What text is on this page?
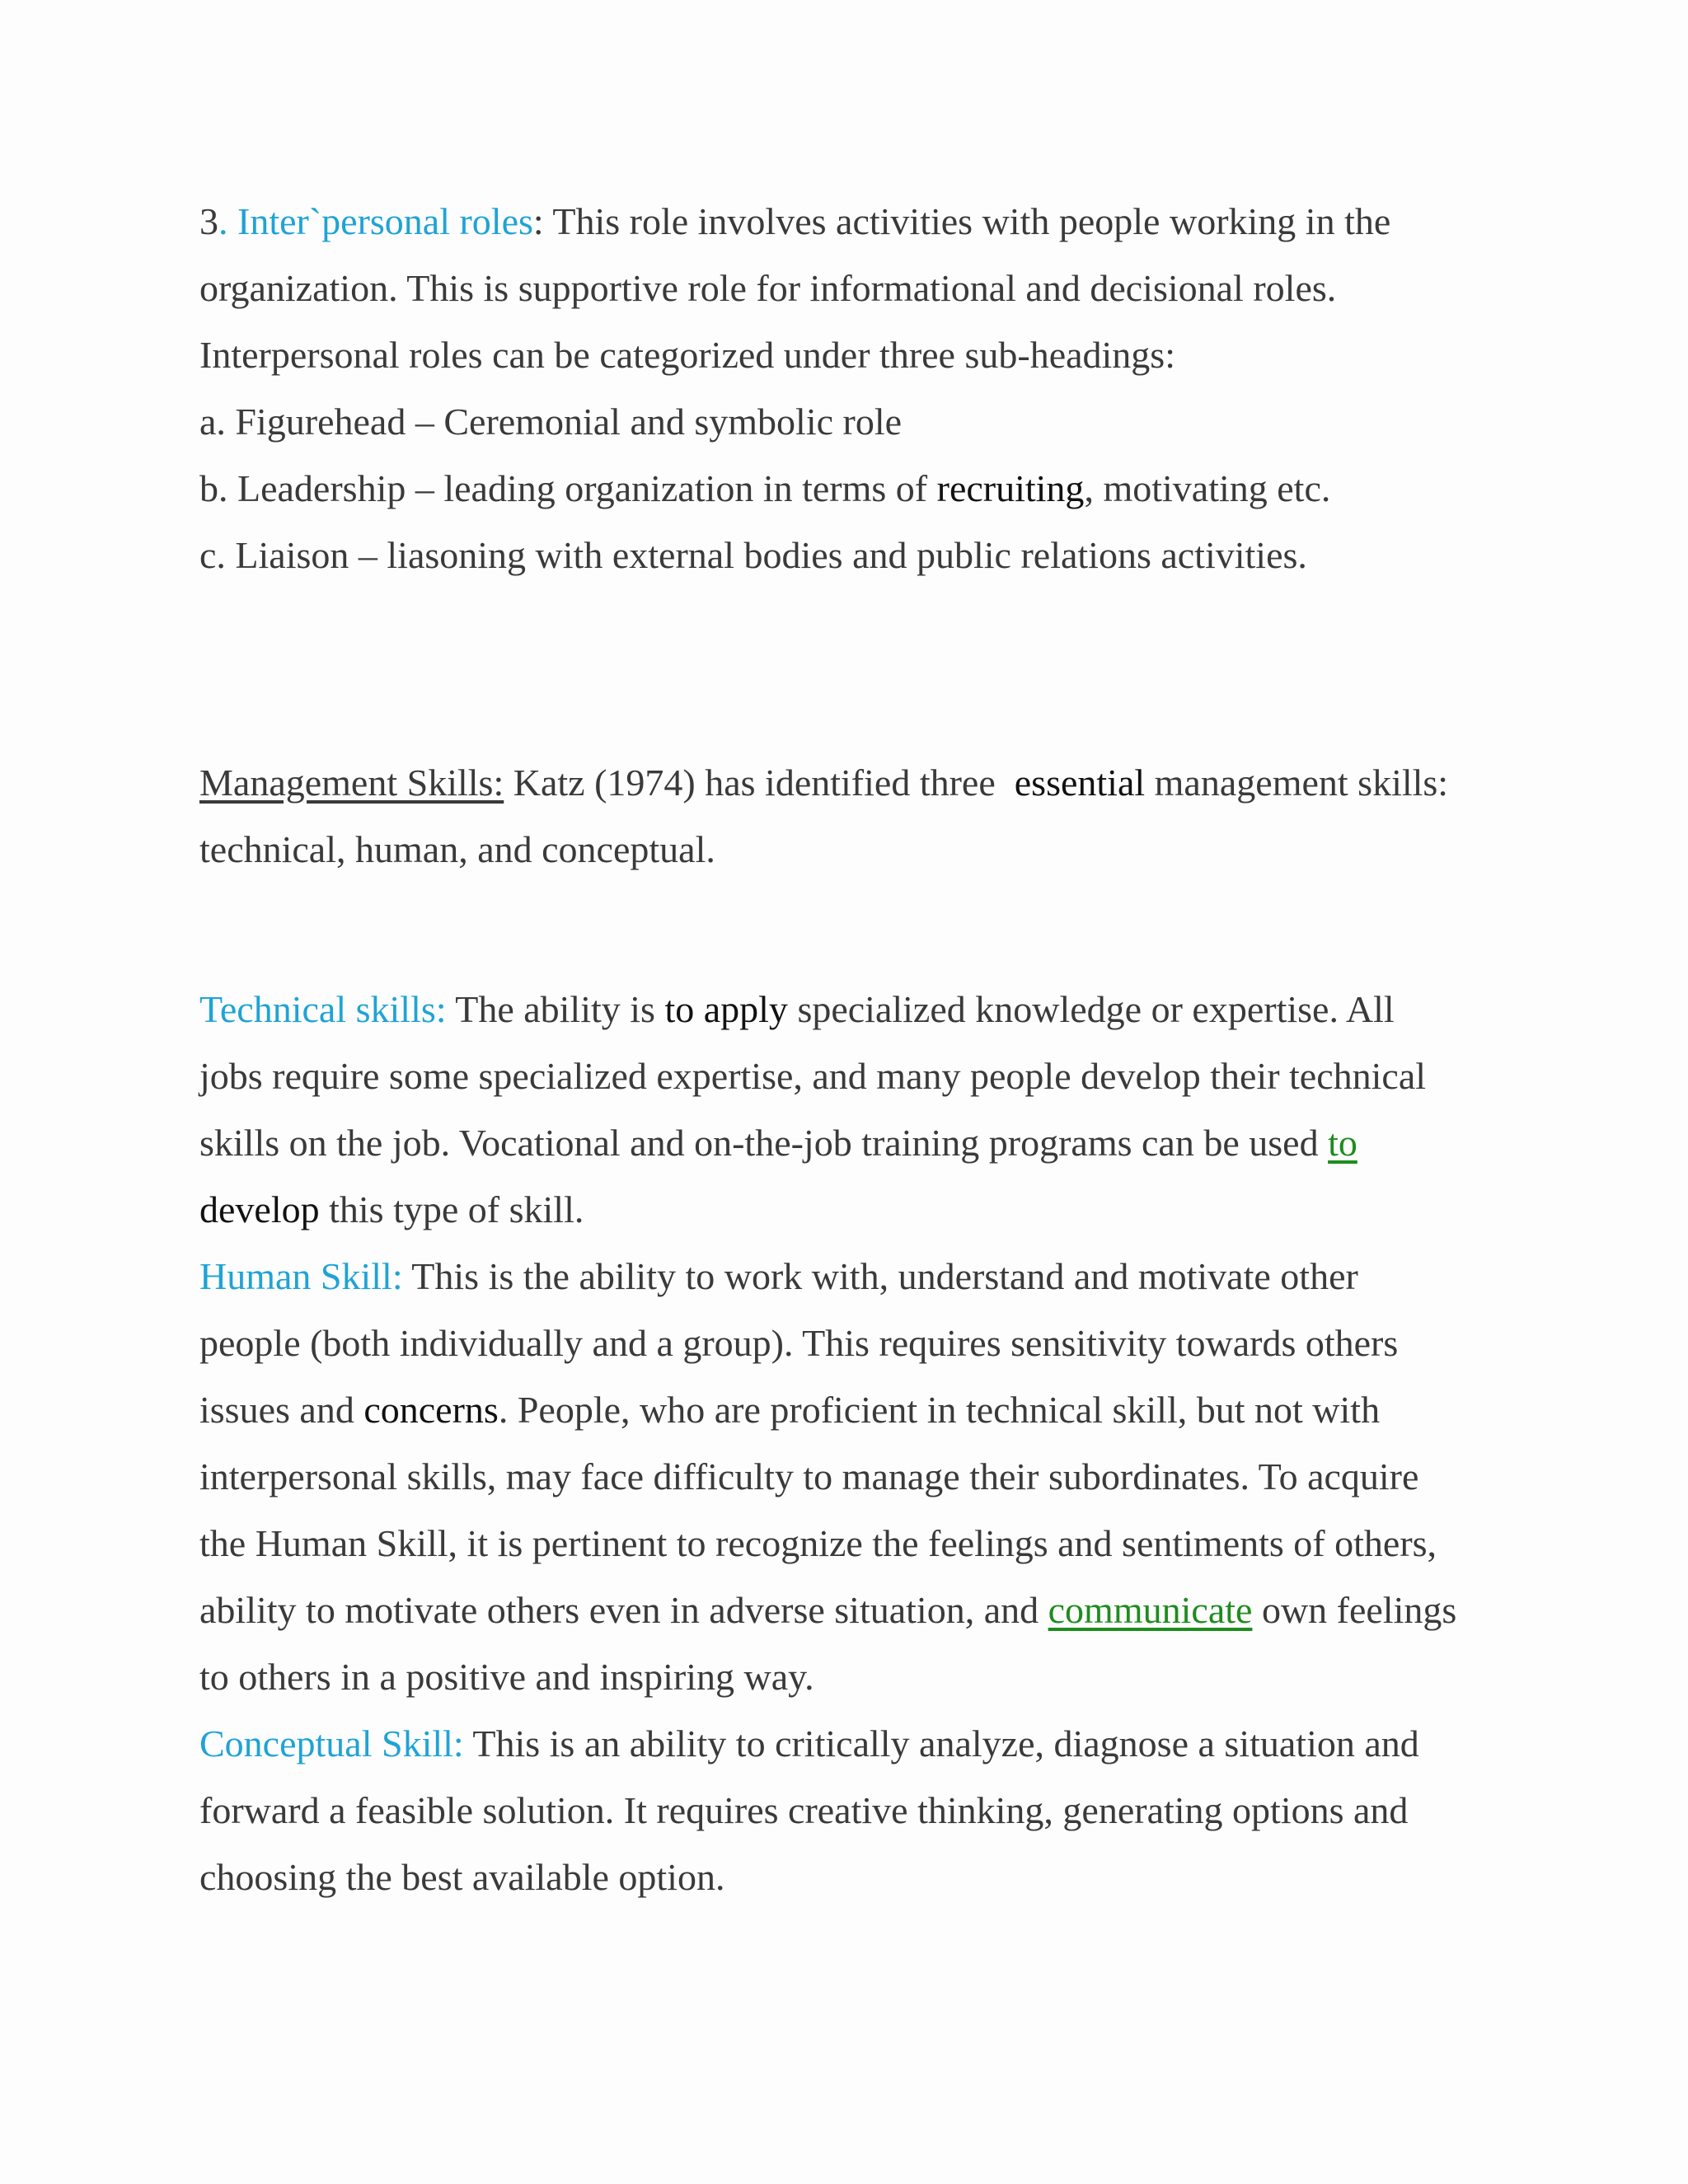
3. Inter`personal roles: This role involves activities with people working in the
organization. This is supportive role for informational and decisional roles.
Interpersonal roles can be categorized under three sub-headings:
a. Figurehead – Ceremonial and symbolic role
b. Leadership – leading organization in terms of recruiting, motivating etc.
c. Liaison – liasoning with external bodies and public relations activities.
Management Skills: Katz (1974) has identified three  essential management skills:
technical, human, and conceptual.
Technical skills: The ability is to apply specialized knowledge or expertise. All
jobs require some specialized expertise, and many people develop their technical
skills on the job. Vocational and on-the-job training programs can be used to
develop this type of skill.
Human Skill: This is the ability to work with, understand and motivate other
people (both individually and a group). This requires sensitivity towards others
issues and concerns. People, who are proficient in technical skill, but not with
interpersonal skills, may face difficulty to manage their subordinates. To acquire
the Human Skill, it is pertinent to recognize the feelings and sentiments of others,
ability to motivate others even in adverse situation, and communicate own feelings
to others in a positive and inspiring way.
Conceptual Skill: This is an ability to critically analyze, diagnose a situation and
forward a feasible solution. It requires creative thinking, generating options and
choosing the best available option.
